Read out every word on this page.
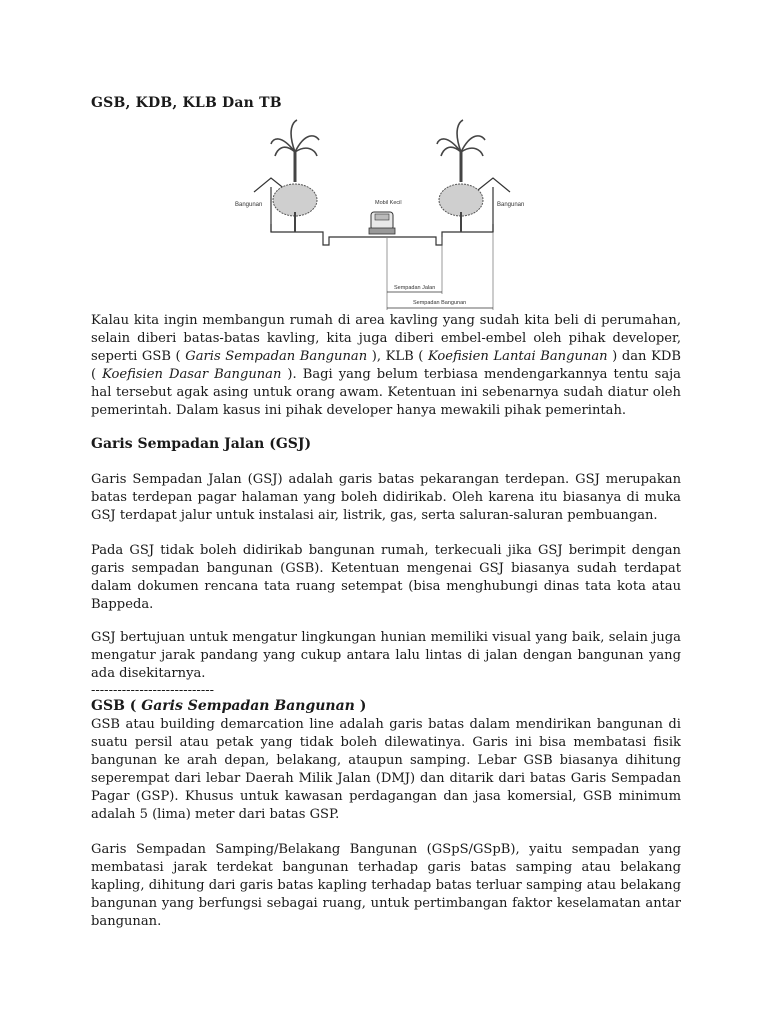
GSB, KDB, KLB Dan TB
Bangunan	Bangunan
Mobil Kecil
Sempadan Jalan
Sempadan Bangunan

Kalau kita ingin membangun rumah di area kavling yang sudah kita beli di perumahan, selain diberi batas-batas kavling, kita juga diberi embel-embel oleh pihak developer, seperti GSB ( Garis Sempadan Bangunan ), KLB ( Koefisien Lantai Bangunan ) dan KDB ( Koefisien Dasar Bangunan ). Bagi yang belum terbiasa mendengarkannya tentu saja hal tersebut agak asing untuk orang awam. Ketentuan ini sebenarnya sudah diatur oleh pemerintah. Dalam kasus ini pihak developer hanya mewakili pihak pemerintah.

Garis Sempadan Jalan (GSJ)

Garis Sempadan Jalan (GSJ) adalah garis batas pekarangan terdepan. GSJ merupakan batas terdepan pagar halaman yang boleh didirikab. Oleh karena itu biasanya di muka GSJ terdapat jalur untuk instalasi air, listrik, gas, serta saluran-saluran pembuangan.

Pada GSJ tidak boleh didirikab bangunan rumah, terkecuali jika GSJ berimpit dengan garis sempadan bangunan (GSB). Ketentuan mengenai GSJ biasanya sudah terdapat dalam dokumen rencana tata ruang setempat (bisa menghubungi dinas tata kota atau Bappeda.

GSJ bertujuan untuk mengatur lingkungan hunian memiliki visual yang baik, selain juga mengatur jarak pandang yang cukup antara lalu lintas di jalan dengan bangunan yang ada disekitarnya.

----------------------------
GSB ( Garis Sempadan Bangunan )

GSB atau building demarcation line adalah garis batas dalam mendirikan bangunan di suatu persil atau petak yang tidak boleh dilewatinya. Garis ini bisa membatasi fisik bangunan ke arah depan, belakang, ataupun samping. Lebar GSB biasanya dihitung seperempat dari lebar Daerah Milik Jalan (DMJ) dan ditarik dari batas Garis Sempadan Pagar (GSP). Khusus untuk kawasan perdagangan dan jasa komersial, GSB minimum adalah 5 (lima) meter dari batas GSP.

Garis Sempadan Samping/Belakang Bangunan (GSpS/GSpB), yaitu sempadan yang membatasi jarak terdekat bangunan terhadap garis batas samping atau belakang kapling, dihitung dari garis batas kapling terhadap batas terluar samping atau belakang bangunan yang berfungsi sebagai ruang, untuk pertimbangan faktor keselamatan antar bangunan.
